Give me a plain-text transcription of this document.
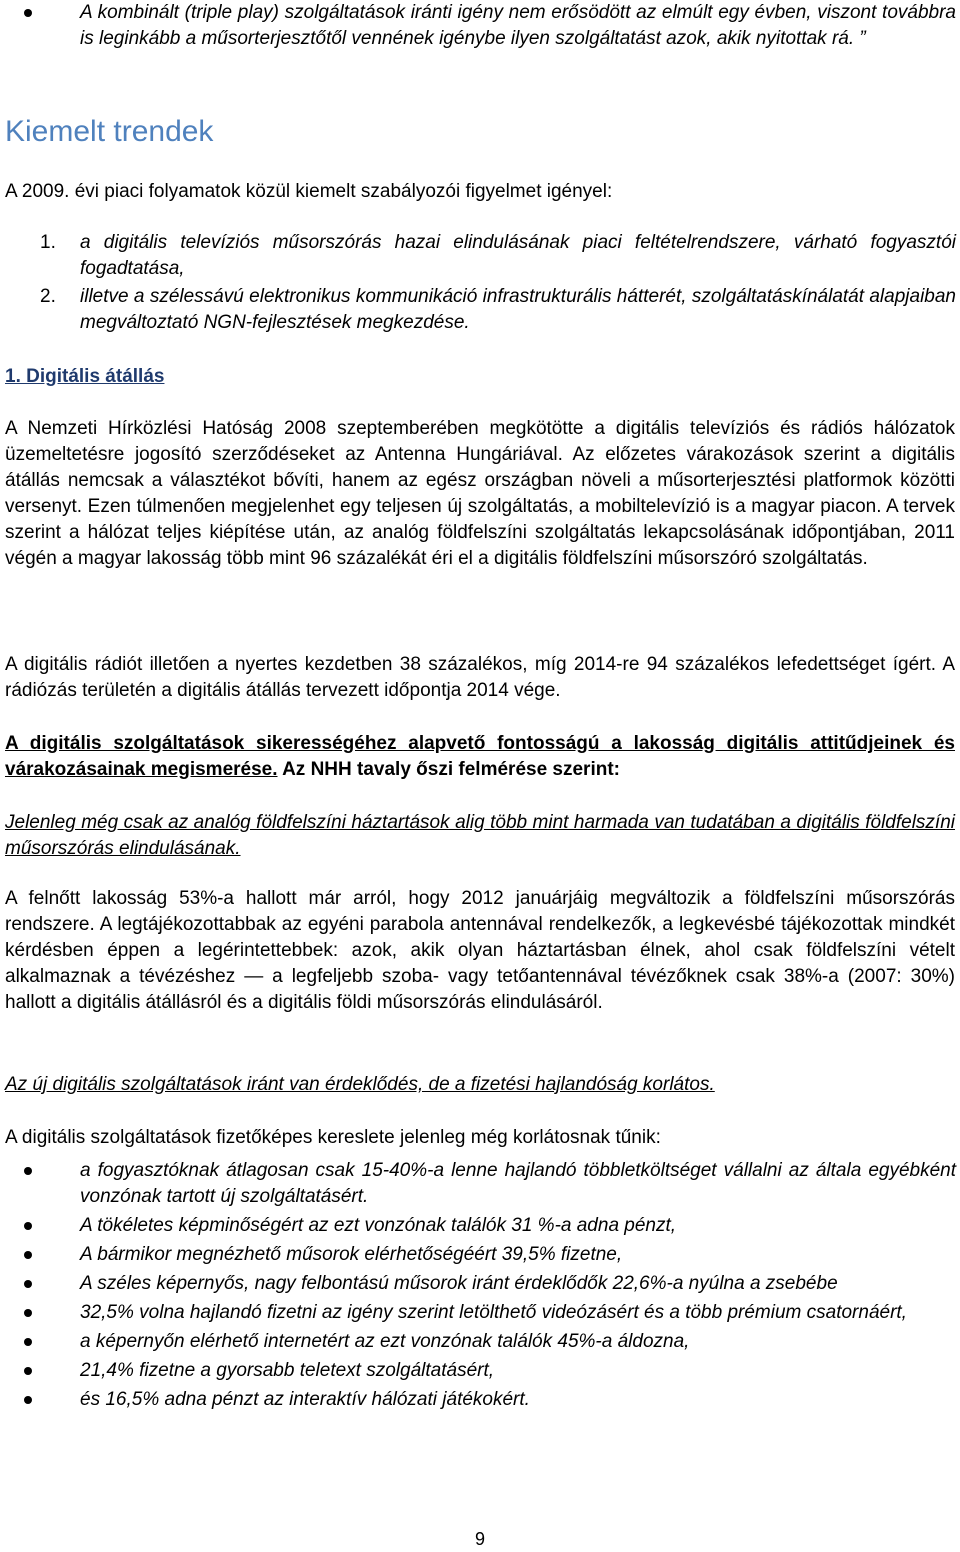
A kombinált (triple play) szolgáltatások iránti igény nem erősödött az elmúlt egy évben, viszont továbbra is leginkább a műsorterjesztőtől vennének igénybe ilyen szolgáltatást azok, akik nyitottak rá. ”
Kiemelt trendek
A 2009. évi piaci folyamatok közül kiemelt szabályozói figyelmet igényel:
1.	a digitális televíziós műsorszórás hazai elindulásának piaci feltételrendszere, várható fogyasztói fogadtatása,
2.	illetve a szélessávú elektronikus kommunikáció infrastrukturális hátterét, szolgáltatáskínálatát alapjaiban megváltoztató NGN-fejlesztések megkezdése.
1. Digitális átállás
A Nemzeti Hírközlési Hatóság 2008 szeptemberében megkötötte a digitális televíziós és rádiós hálózatok üzemeltetésre jogosító szerződéseket az Antenna Hungáriával. Az előzetes várakozások szerint a digitális átállás nemcsak a választékot bővíti, hanem az egész országban növeli a műsorterjesztési platformok közötti versenyt. Ezen túlmenően megjelenhet egy teljesen új szolgáltatás, a mobiltelevízió is a magyar piacon. A tervek szerint a hálózat teljes kiépítése után, az analóg földfelszíni szolgáltatás lekapcsolásának időpontjában, 2011 végén a magyar lakosság több mint 96 százalékát éri el a digitális földfelszíni műsorszóró szolgáltatás.
A digitális rádiót illetően a nyertes kezdetben 38 százalékos, míg 2014-re 94 százalékos lefedettséget ígért. A rádiózás területén a digitális átállás tervezett időpontja 2014 vége.
A digitális szolgáltatások sikerességéhez alapvető fontosságú a lakosság digitális attitűdjeinek és várakozásainak megismerése. Az NHH tavaly őszi felmérése szerint:
Jelenleg még csak az analóg földfelszíni háztartások alig több mint harmada van tudatában a digitális földfelszíni műsorszórás elindulásának.
A felnőtt lakosság 53%-a hallott már arról, hogy 2012 januárjáig megváltozik a földfelszíni műsorszórás rendszere. A legtájékozottabbak az egyéni parabola antennával rendelkezők, a legkevésbé tájékozottak mindkét kérdésben éppen a legérintettebbek: azok, akik olyan háztartásban élnek, ahol csak földfelszíni vételt alkalmaznak a tévézéshez — a legfeljebb szoba- vagy tetőantennával tévézőknek csak 38%-a (2007: 30%) hallott a digitális átállásról és a digitális földi műsorszórás elindulásáról.
Az új digitális szolgáltatások iránt van érdeklődés, de a fizetési hajlandóság korlátos.
A digitális szolgáltatások fizetőképes kereslete jelenleg még korlátosnak tűnik:
a fogyasztóknak átlagosan csak 15-40%-a lenne hajlandó többletköltséget vállalni az általa egyébként vonzónak tartott új szolgáltatásért.
A tökéletes képminőségért az ezt vonzónak találók 31 %-a adna pénzt,
A bármikor megnézhető műsorok elérhetőségéért 39,5% fizetne,
A széles képernyős, nagy felbontású műsorok iránt érdeklődők 22,6%-a nyúlna a zsebébe
32,5% volna hajlandó fizetni az igény szerint letölthető videózásért és a több prémium csatornáért,
a képernyőn elérhető internetért az ezt vonzónak találók 45%-a áldozna,
21,4% fizetne a gyorsabb teletext szolgáltatásért,
és 16,5% adna pénzt az interaktív hálózati játékokért.
9
